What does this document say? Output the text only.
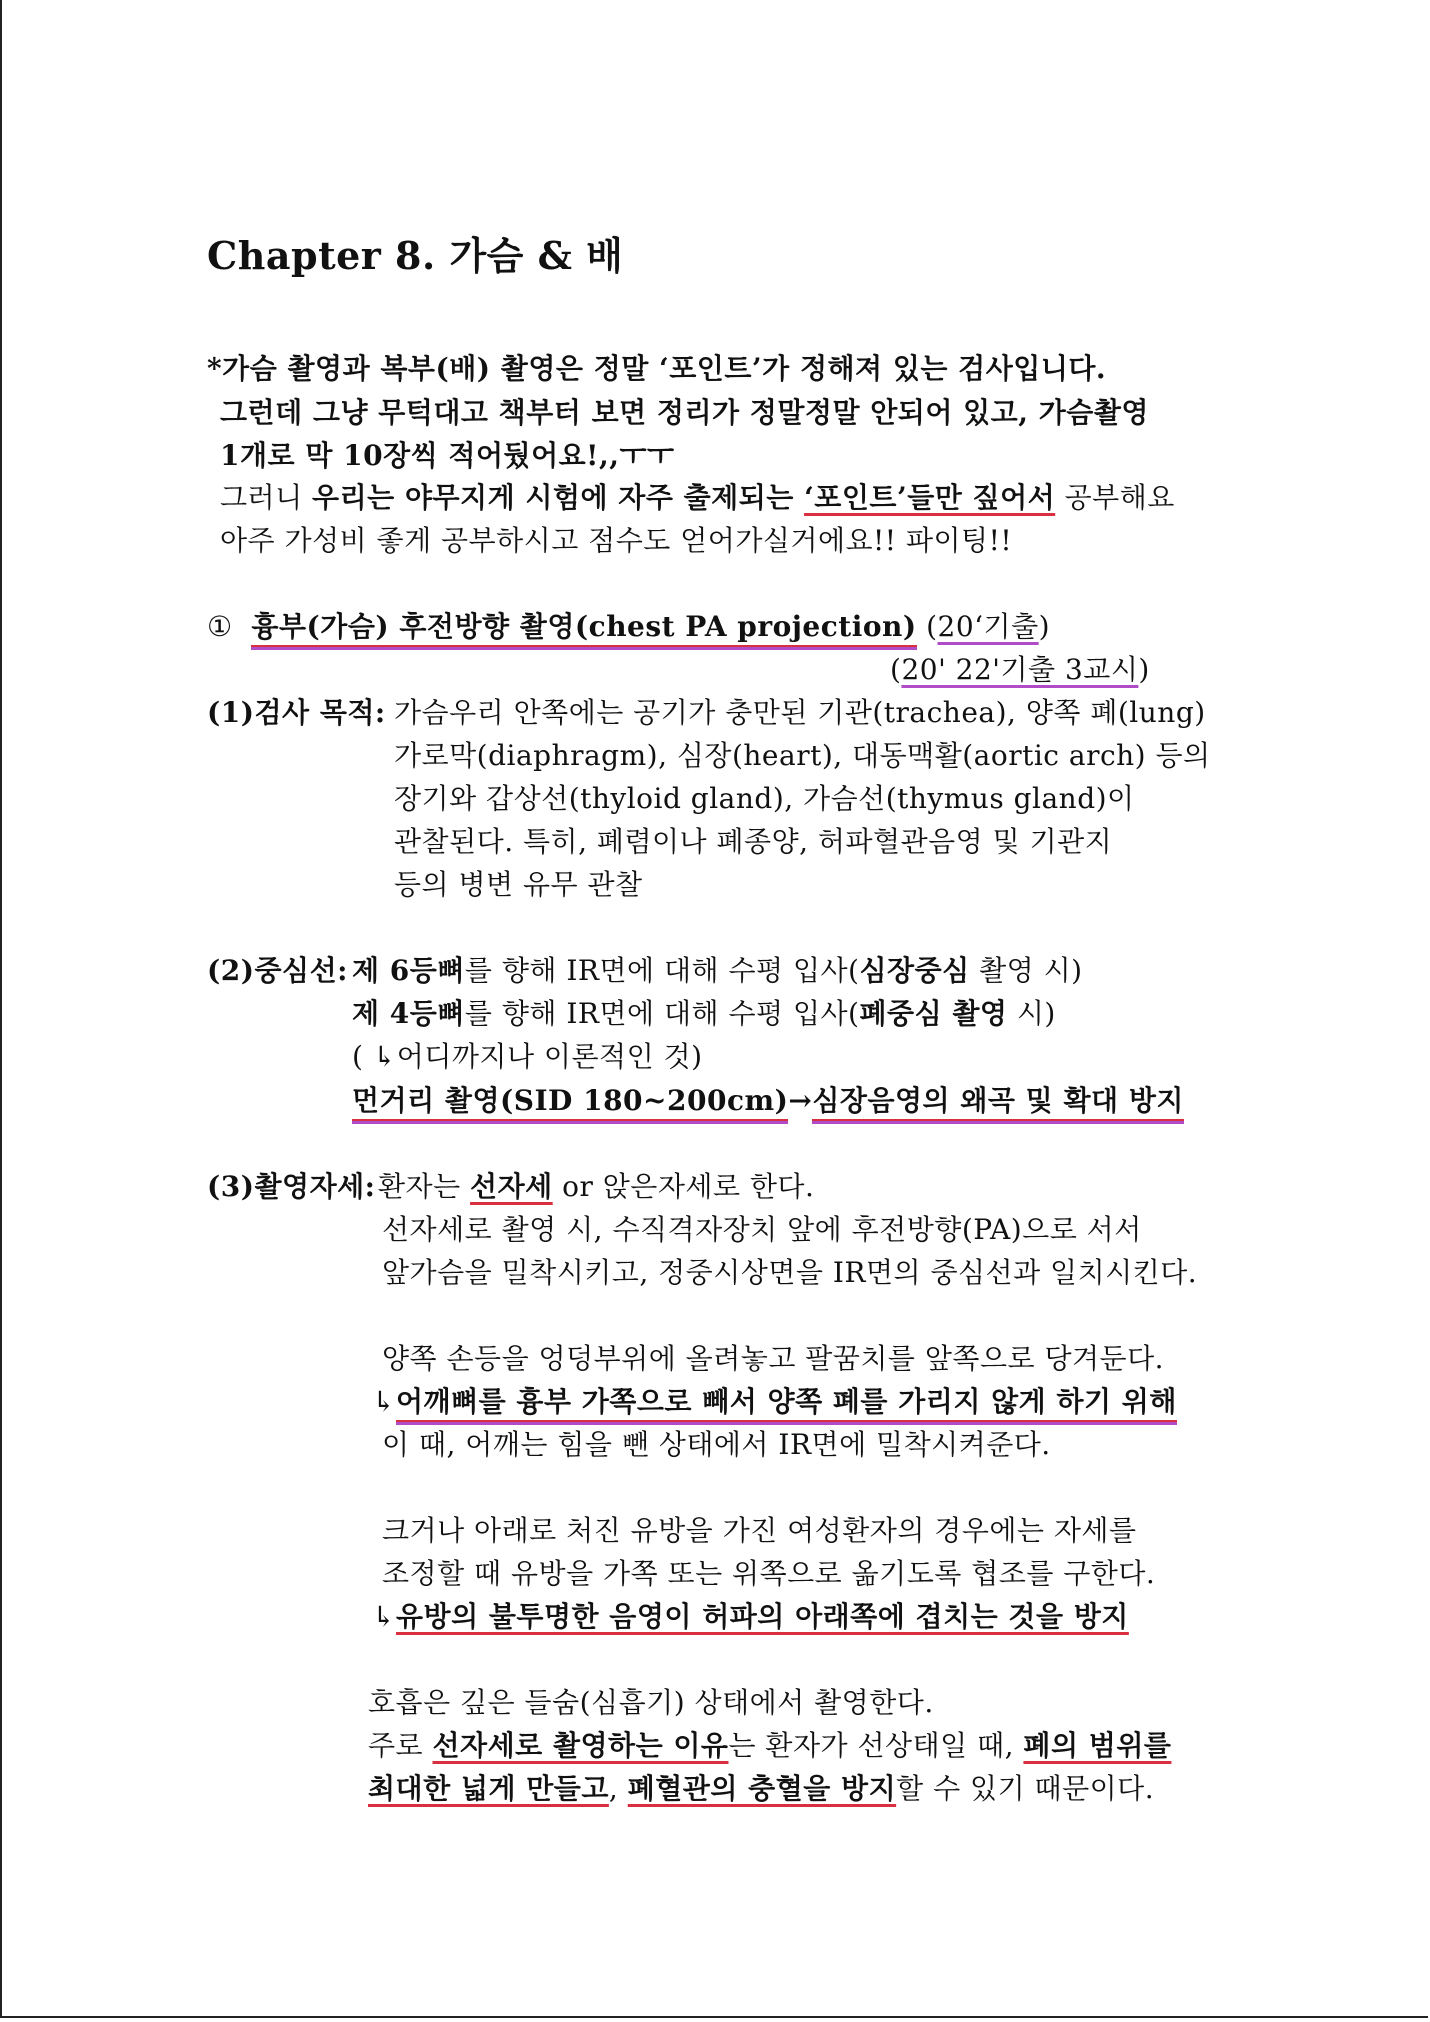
Chapter 8. 가슴 & 배
*가슴 촬영과 복부(배) 촬영은 정말 ‘포인트’가 정해져 있는 검사입니다.
그런데 그냥 무턱대고 책부터 보면 정리가 정말정말 안되어 있고, 가슴촬영
1개로 막 10장씩 적어뒀어요!,,ㅜㅜ
그러니 우리는 야무지게 시험에 자주 출제되는 ‘포인트’들만 짚어서 공부해요
아주 가성비 좋게 공부하시고 점수도 얻어가실거에요!! 파이팅!!
① 흉부(가슴) 후전방향 촬영(chest PA projection) (20‘기출)
(20' 22'기출 3교시)
(1)검사 목적: 가슴우리 안쪽에는 공기가 충만된 기관(trachea), 양쪽 폐(lung)
가로막(diaphragm), 심장(heart), 대동맥활(aortic arch) 등의
장기와 갑상선(thyloid gland), 가슴선(thymus gland)이
관찰된다. 특히, 폐렴이나 폐종양, 허파혈관음영 및 기관지
등의 병변 유무 관찰
(2)중심선: 제 6등뼈를 향해 IR면에 대해 수평 입사(심장중심 촬영 시)
제 4등뼈를 향해 IR면에 대해 수평 입사(폐중심 촬영 시)
( ↳어디까지나 이론적인 것)
먼거리 촬영(SID 180~200cm)→심장음영의 왜곡 및 확대 방지
(3)촬영자세: 환자는 선자세 or 앉은자세로 한다.
선자세로 촬영 시, 수직격자장치 앞에 후전방향(PA)으로 서서
앞가슴을 밀착시키고, 정중시상면을 IR면의 중심선과 일치시킨다.
양쪽 손등을 엉덩부위에 올려놓고 팔꿈치를 앞쪽으로 당겨둔다.
↳어깨뼈를 흉부 가쪽으로 빼서 양쪽 폐를 가리지 않게 하기 위해
이 때, 어깨는 힘을 뺀 상태에서 IR면에 밀착시켜준다.
크거나 아래로 처진 유방을 가진 여성환자의 경우에는 자세를
조정할 때 유방을 가쪽 또는 위쪽으로 옮기도록 협조를 구한다.
↳유방의 불투명한 음영이 허파의 아래쪽에 겹치는 것을 방지
호흡은 깊은 들숨(심흡기) 상태에서 촬영한다.
주로 선자세로 촬영하는 이유는 환자가 선상태일 때, 폐의 범위를
최대한 넓게 만들고, 폐혈관의 충혈을 방지할 수 있기 때문이다.
